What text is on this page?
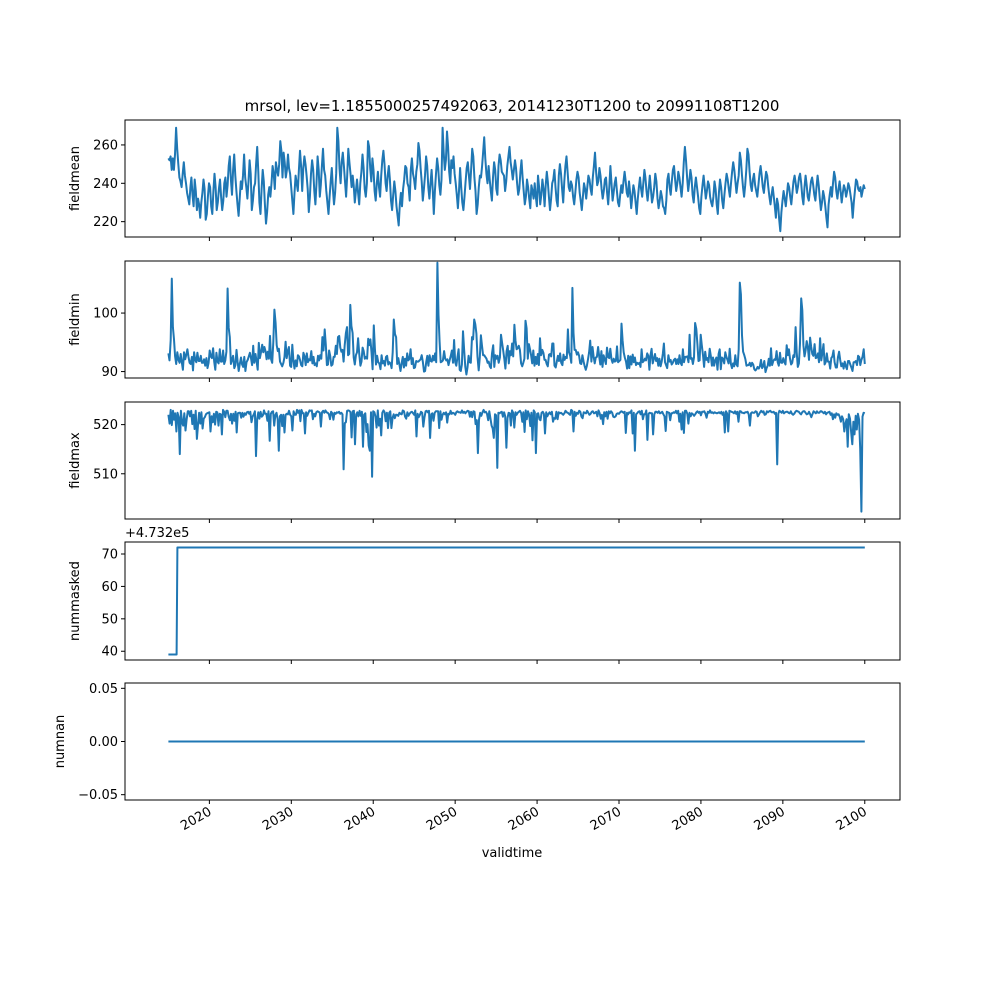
mrsol, lev=1.1855000257492063, 20141230T1200 to 20991108T1200
validtime
220
240
260
fieldmean
90
100
fieldmin
510
520
fieldmax
40
50
60
70
nummasked
+4.732e5
−0.05
0.00
0.05
2020	2030	2040	2050	2060	2070	2080	2090	2100
numnan
